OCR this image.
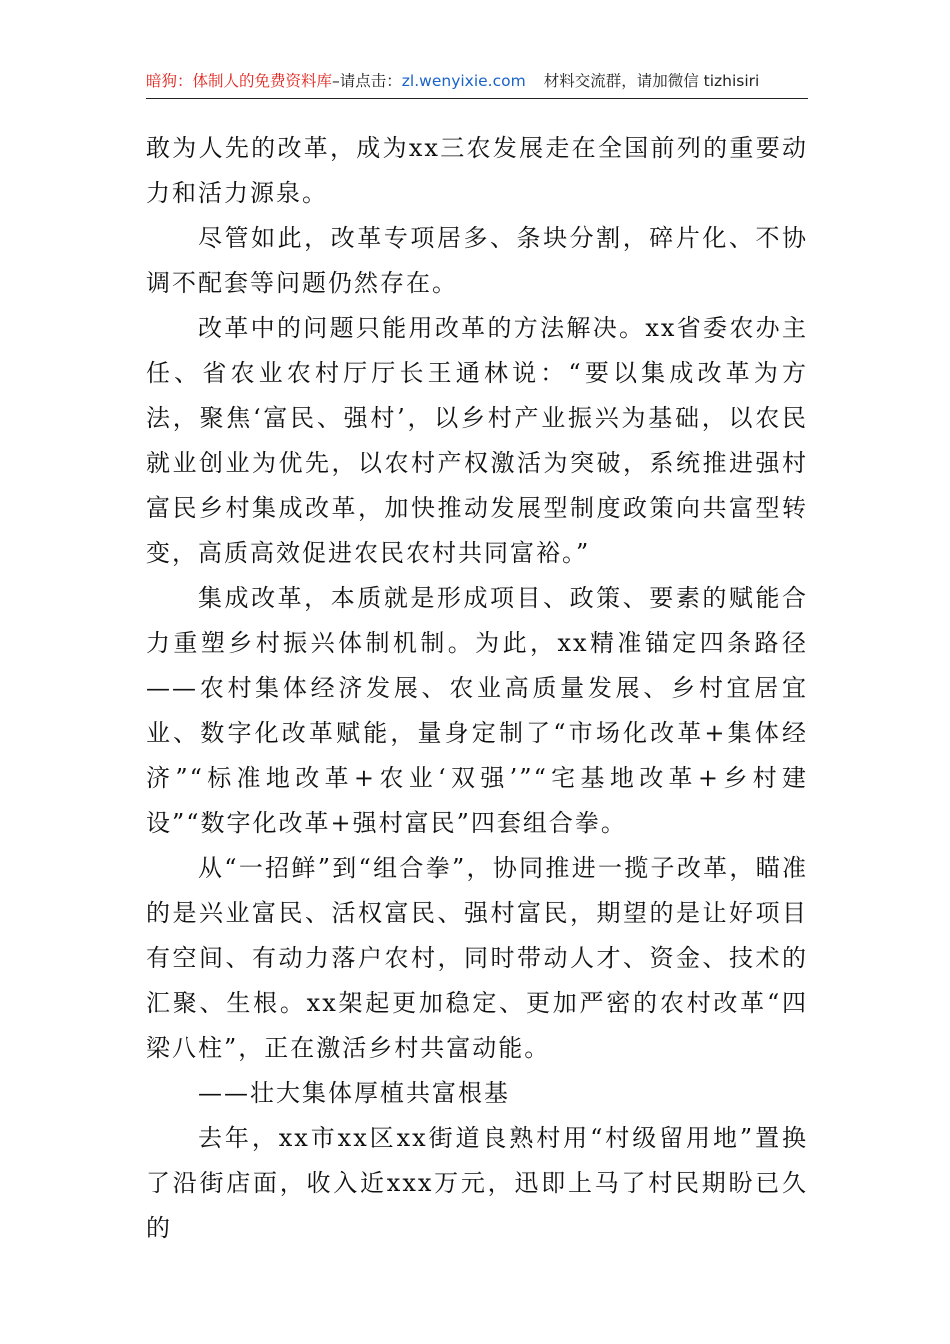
暗狗：体制人的免费资料库–请点击：zl.wenyixie.com 材料交流群，请加微信 tizhisiri

敢为人先的改革，成为xx三农发展走在全国前列的重要动力和活力源泉。

尽管如此，改革专项居多、条块分割，碎片化、不协调不配套等问题仍然存在。

改革中的问题只能用改革的方法解决。xx省委农办主任、省农业农村厅厅长王通林说：“要以集成改革为方法，聚焦‘富民、强村’，以乡村产业振兴为基础，以农民就业创业为优先，以农村产权激活为突破，系统推进强村富民乡村集成改革，加快推动发展型制度政策向共富型转变，高质高效促进农民农村共同富裕。”

集成改革，本质就是形成项目、政策、要素的赋能合力重塑乡村振兴体制机制。为此，xx精准锚定四条路径——农村集体经济发展、农业高质量发展、乡村宜居宜业、数字化改革赋能，量身定制了“市场化改革+集体经济”“标准地改革+农业‘双强’”“宅基地改革+乡村建设”“数字化改革+强村富民”四套组合拳。

从“一招鲜”到“组合拳”，协同推进一揽子改革，瞄准的是兴业富民、活权富民、强村富民，期望的是让好项目有空间、有动力落户农村，同时带动人才、资金、技术的汇聚、生根。xx架起更加稳定、更加严密的农村改革“四梁八柱”，正在激活乡村共富动能。

——壮大集体厚植共富根基

去年，xx市xx区xx街道良熟村用“村级留用地”置换了沿街店面，收入近xxx万元，迅即上马了村民期盼已久的
